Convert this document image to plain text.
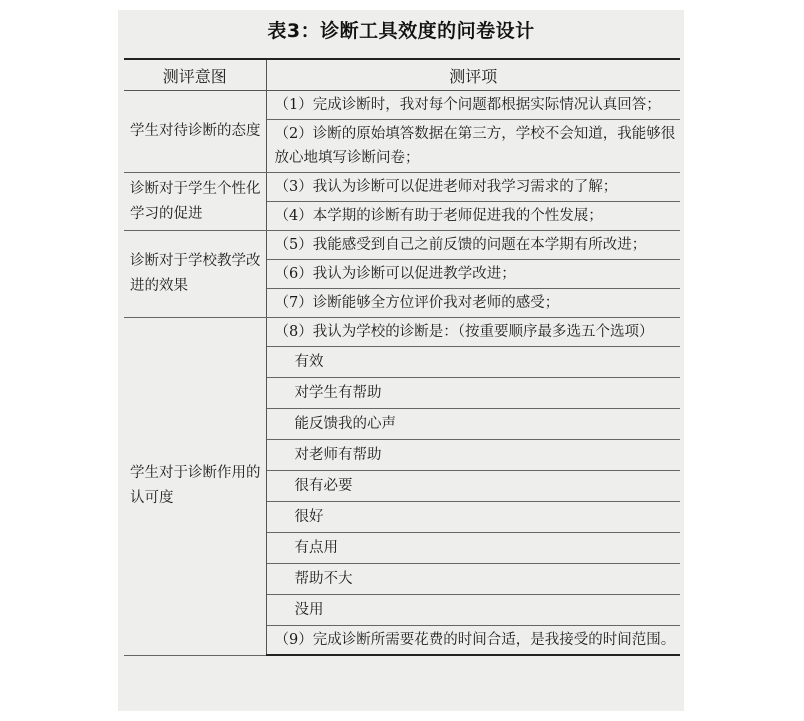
表3：诊断工具效度的问卷设计
测评意图	测评项
学生对待诊断的态度	（1）完成诊断时，我对每个问题都根据实际情况认真回答；
	（2）诊断的原始填答数据在第三方，学校不会知道，我能够很放心地填写诊断问卷；
诊断对于学生个性化学习的促进	（3）我认为诊断可以促进老师对我学习需求的了解；
	（4）本学期的诊断有助于老师促进我的个性发展；
诊断对于学校教学改进的效果	（5）我能感受到自己之前反馈的问题在本学期有所改进；
	（6）我认为诊断可以促进教学改进；
	（7）诊断能够全方位评价我对老师的感受；
学生对于诊断作用的认可度	（8）我认为学校的诊断是：（按重要顺序最多选五个选项）
	有效
	对学生有帮助
	能反馈我的心声
	对老师有帮助
	很有必要
	很好
	有点用
	帮助不大
	没用
	（9）完成诊断所需要花费的时间合适，是我接受的时间范围。
